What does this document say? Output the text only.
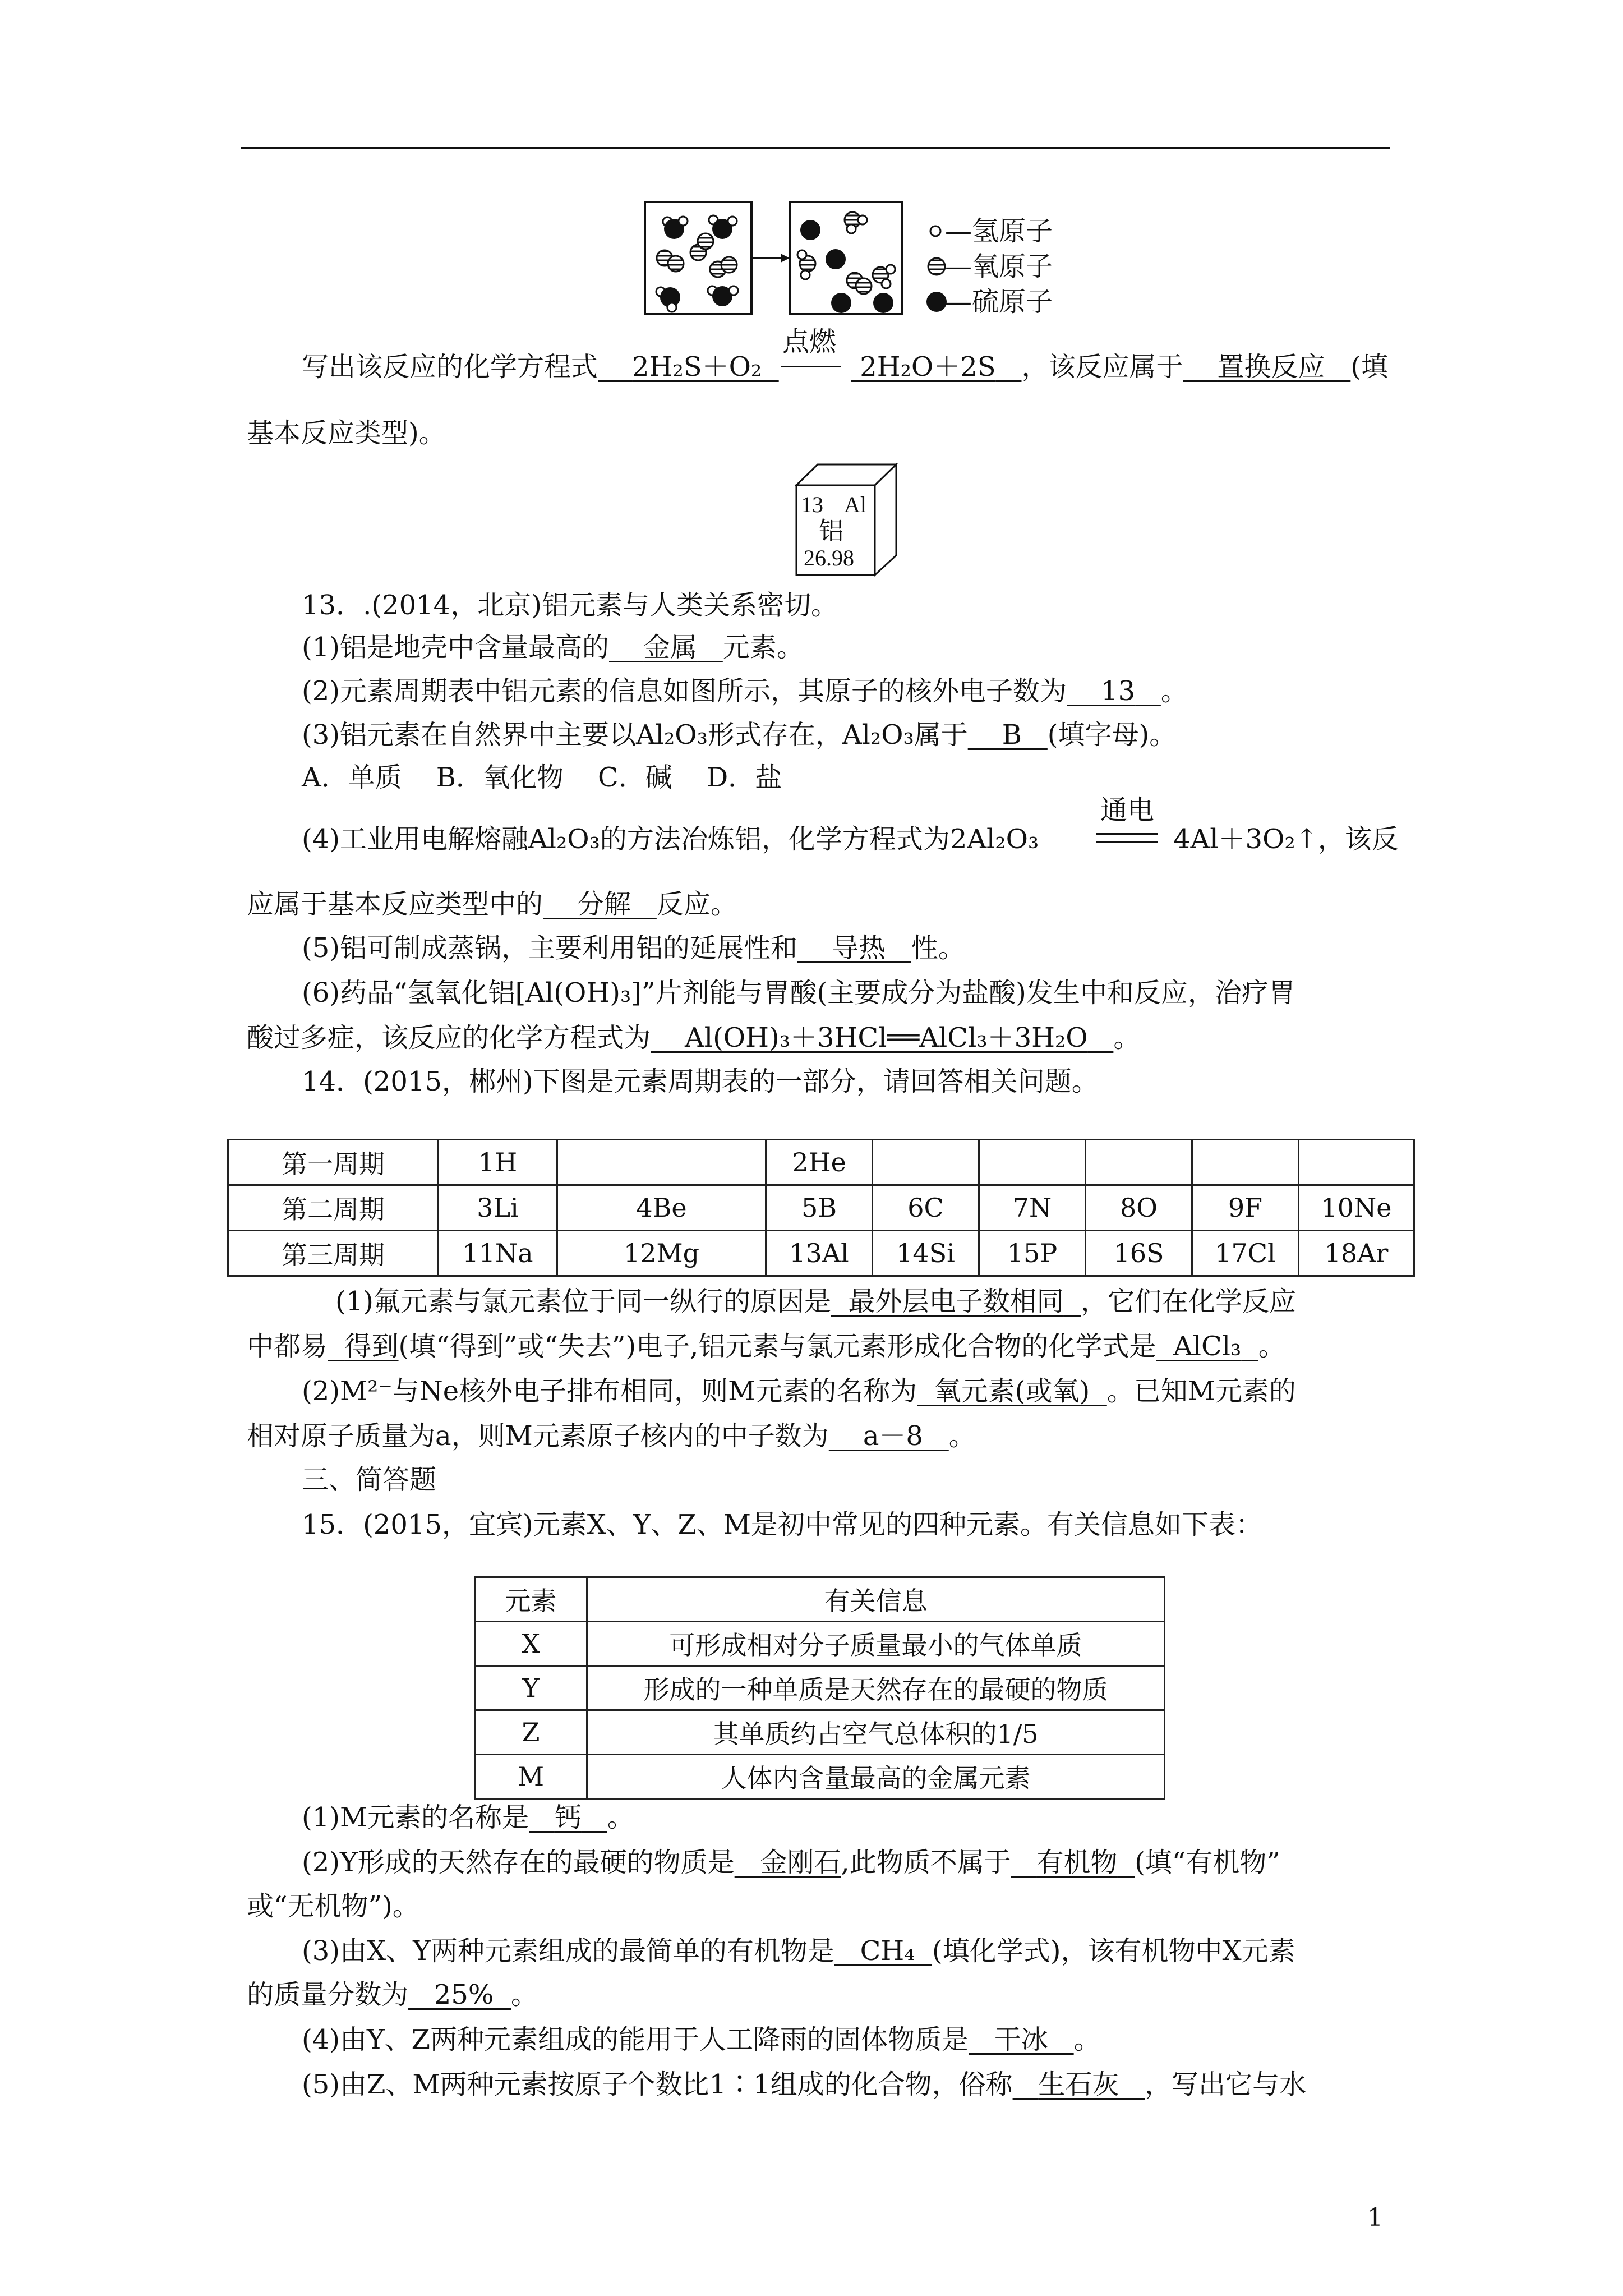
—氢原子
—氧原子
—硫原子
写出该反应的化学方程式 2H₂S＋O₂
点燃
2H₂O＋2S ，该反应属于 置换反应 (填
基本反应类型)。
13 Al
铝
26.98
13．.(2014，北京)铝元素与人类关系密切。
(1)铝是地壳中含量最高的 金属 元素。
(2)元素周期表中铝元素的信息如图所示，其原子的核外电子数为 13 。
(3)铝元素在自然界中主要以Al₂O₃形式存在，Al₂O₃属于 B (填字母)。
A．单质    B．氧化物    C．碱    D．盐
(4)工业用电解熔融Al₂O₃的方法冶炼铝，化学方程式为2Al₂O₃
通电
4Al＋3O₂↑，该反
应属于基本反应类型中的 分解 反应。
(5)铝可制成蒸锅，主要利用铝的延展性和 导热 性。
(6)药品“氢氧化铝[Al(OH)₃]”片剂能与胃酸(主要成分为盐酸)发生中和反应，治疗胃
酸过多症，该反应的化学方程式为 Al(OH)₃＋3HCl══AlCl₃＋3H₂O 。
14．(2015，郴州)下图是元素周期表的一部分，请回答相关问题。
第一周期	1H		2He					
第二周期	3Li	4Be	5B	6C	7N	8O	9F	10Ne
第三周期	11Na	12Mg	13Al	14Si	15P	16S	17Cl	18Ar
(1)氟元素与氯元素位于同一纵行的原因是 最外层电子数相同 ，它们在化学反应
中都易 得到(填“得到”或“失去”)电子,铝元素与氯元素形成化合物的化学式是 AlCl₃ 。
(2)M²⁻与Ne核外电子排布相同，则M元素的名称为 氧元素(或氧) 。已知M元素的
相对原子质量为a，则M元素原子核内的中子数为 a－8 。
三、简答题
15．(2015，宜宾)元素X、Y、Z、M是初中常见的四种元素。有关信息如下表：
元素	有关信息
X	可形成相对分子质量最小的气体单质
Y	形成的一种单质是天然存在的最硬的物质
Z	其单质约占空气总体积的1/5
M	人体内含量最高的金属元素
(1)M元素的名称是 钙 。
(2)Y形成的天然存在的最硬的物质是 金刚石,此物质不属于 有机物 (填“有机物”
或“无机物”)。
(3)由X、Y两种元素组成的最简单的有机物是 CH₄ (填化学式)，该有机物中X元素
的质量分数为 25% 。
(4)由Y、Z两种元素组成的能用于人工降雨的固体物质是 干冰 。
(5)由Z、M两种元素按原子个数比1∶1组成的化合物，俗称 生石灰 ，写出它与水
1
